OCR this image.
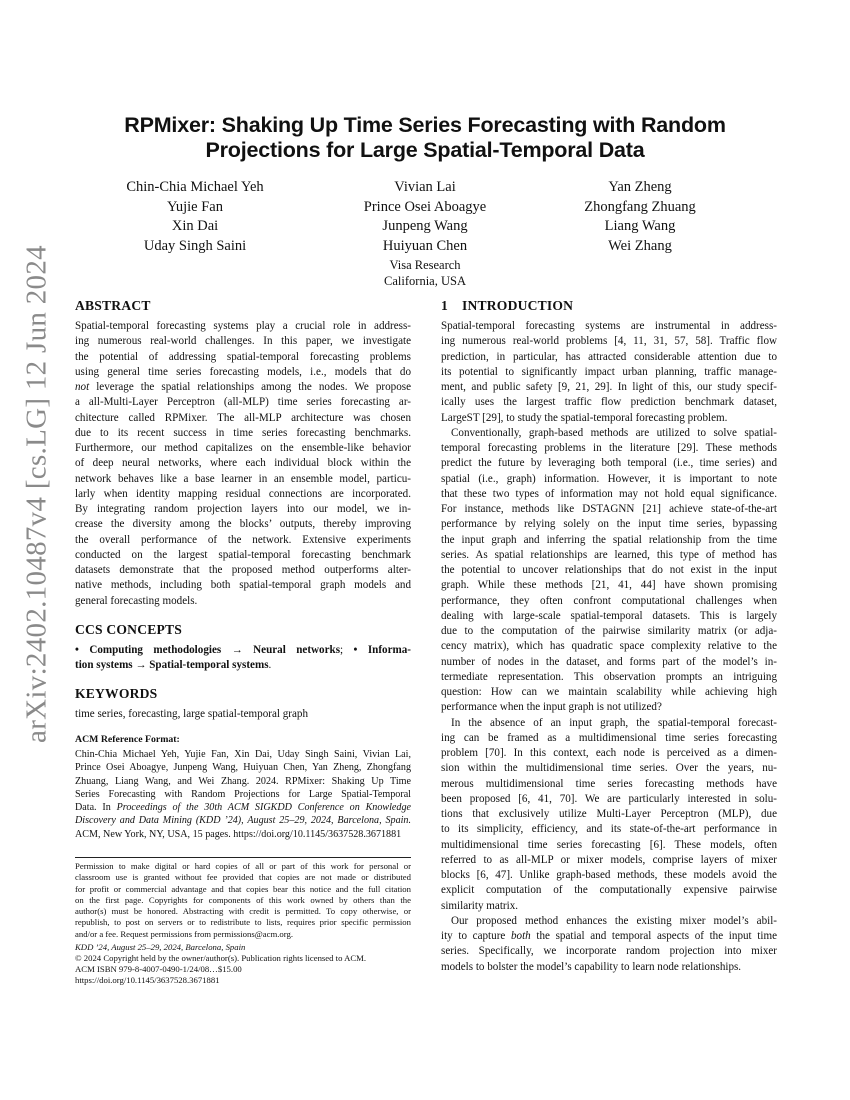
arXiv:2402.10487v4 [cs.LG] 12 Jun 2024
RPMixer: Shaking Up Time Series Forecasting with Random
Projections for Large Spatial-Temporal Data
Chin-Chia Michael Yeh
Yujie Fan
Xin Dai
Uday Singh Saini
Vivian Lai
Prince Osei Aboagye
Junpeng Wang
Huiyuan Chen
Yan Zheng
Zhongfang Zhuang
Liang Wang
Wei Zhang
Visa Research
California, USA
ABSTRACT
Spatial-temporal forecasting systems play a crucial role in address-
ing numerous real-world challenges. In this paper, we investigate
the potential of addressing spatial-temporal forecasting problems
using general time series forecasting models, i.e., models that do
not leverage the spatial relationships among the nodes. We propose
a all-Multi-Layer Perceptron (all-MLP) time series forecasting ar-
chitecture called RPMixer. The all-MLP architecture was chosen
due to its recent success in time series forecasting benchmarks.
Furthermore, our method capitalizes on the ensemble-like behavior
of deep neural networks, where each individual block within the
network behaves like a base learner in an ensemble model, particu-
larly when identity mapping residual connections are incorporated.
By integrating random projection layers into our model, we in-
crease the diversity among the blocks’ outputs, thereby improving
the overall performance of the network. Extensive experiments
conducted on the largest spatial-temporal forecasting benchmark
datasets demonstrate that the proposed method outperforms alter-
native methods, including both spatial-temporal graph models and
general forecasting models.
CCS CONCEPTS
• Computing methodologies → Neural networks; • Informa-
tion systems → Spatial-temporal systems.
KEYWORDS
time series, forecasting, large spatial-temporal graph
ACM Reference Format:
Chin-Chia Michael Yeh, Yujie Fan, Xin Dai, Uday Singh Saini, Vivian Lai,
Prince Osei Aboagye, Junpeng Wang, Huiyuan Chen, Yan Zheng, Zhongfang
Zhuang, Liang Wang, and Wei Zhang. 2024. RPMixer: Shaking Up Time
Series Forecasting with Random Projections for Large Spatial-Temporal
Data. In Proceedings of the 30th ACM SIGKDD Conference on Knowledge
Discovery and Data Mining (KDD ’24), August 25–29, 2024, Barcelona, Spain.
ACM, New York, NY, USA, 15 pages. https://doi.org/10.1145/3637528.3671881
Permission to make digital or hard copies of all or part of this work for personal or
classroom use is granted without fee provided that copies are not made or distributed
for profit or commercial advantage and that copies bear this notice and the full citation
on the first page. Copyrights for components of this work owned by others than the
author(s) must be honored. Abstracting with credit is permitted. To copy otherwise, or
republish, to post on servers or to redistribute to lists, requires prior specific permission
and/or a fee. Request permissions from permissions@acm.org.
KDD ’24, August 25–29, 2024, Barcelona, Spain
© 2024 Copyright held by the owner/author(s). Publication rights licensed to ACM.
ACM ISBN 979-8-4007-0490-1/24/08…$15.00
https://doi.org/10.1145/3637528.3671881
1 INTRODUCTION
Spatial-temporal forecasting systems are instrumental in address-
ing numerous real-world problems [4, 11, 31, 57, 58]. Traffic flow
prediction, in particular, has attracted considerable attention due to
its potential to significantly impact urban planning, traffic manage-
ment, and public safety [9, 21, 29]. In light of this, our study specif-
ically uses the largest traffic flow prediction benchmark dataset,
LargeST [29], to study the spatial-temporal forecasting problem.
Conventionally, graph-based methods are utilized to solve spatial-
temporal forecasting problems in the literature [29]. These methods
predict the future by leveraging both temporal (i.e., time series) and
spatial (i.e., graph) information. However, it is important to note
that these two types of information may not hold equal significance.
For instance, methods like DSTAGNN [21] achieve state-of-the-art
performance by relying solely on the input time series, bypassing
the input graph and inferring the spatial relationship from the time
series. As spatial relationships are learned, this type of method has
the potential to uncover relationships that do not exist in the input
graph. While these methods [21, 41, 44] have shown promising
performance, they often confront computational challenges when
dealing with large-scale spatial-temporal datasets. This is largely
due to the computation of the pairwise similarity matrix (or adja-
cency matrix), which has quadratic space complexity relative to the
number of nodes in the dataset, and forms part of the model’s in-
termediate representation. This observation prompts an intriguing
question: How can we maintain scalability while achieving high
performance when the input graph is not utilized?
In the absence of an input graph, the spatial-temporal forecast-
ing can be framed as a multidimensional time series forecasting
problem [70]. In this context, each node is perceived as a dimen-
sion within the multidimensional time series. Over the years, nu-
merous multidimensional time series forecasting methods have
been proposed [6, 41, 70]. We are particularly interested in solu-
tions that exclusively utilize Multi-Layer Perceptron (MLP), due
to its simplicity, efficiency, and its state-of-the-art performance in
multidimensional time series forecasting [6]. These models, often
referred to as all-MLP or mixer models, comprise layers of mixer
blocks [6, 47]. Unlike graph-based methods, these models avoid the
explicit computation of the computationally expensive pairwise
similarity matrix.
Our proposed method enhances the existing mixer model’s abil-
ity to capture both the spatial and temporal aspects of the input time
series. Specifically, we incorporate random projection into mixer
models to bolster the model’s capability to learn node relationships.
